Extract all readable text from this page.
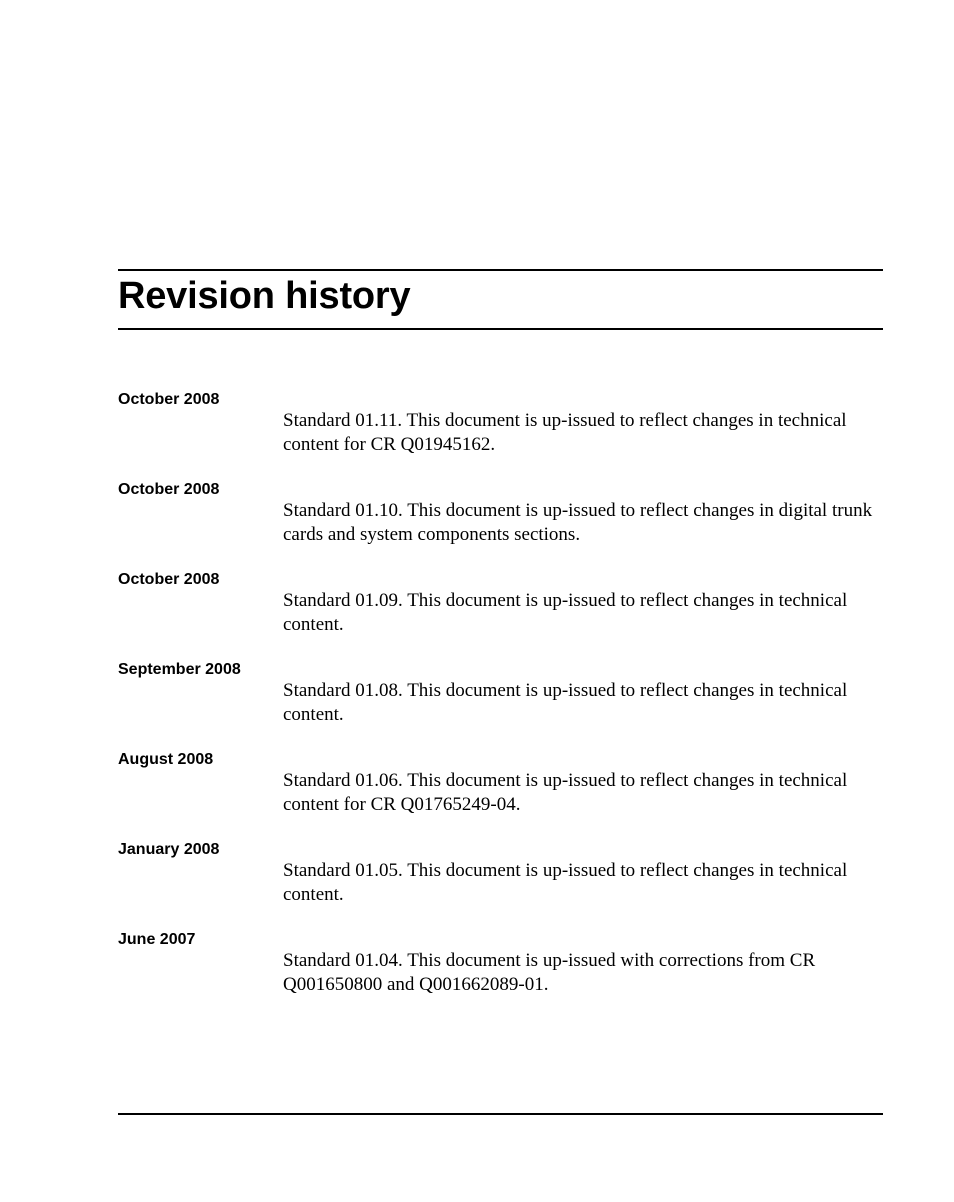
Revision history
October 2008

Standard 01.11. This document is up-issued to reflect changes in technical content for CR Q01945162.

October 2008

Standard 01.10. This document is up-issued to reflect changes in digital trunk cards and system components sections.

October 2008

Standard 01.09. This document is up-issued to reflect changes in technical content.

September 2008

Standard 01.08. This document is up-issued to reflect changes in technical content.

August 2008

Standard 01.06. This document is up-issued to reflect changes in technical content for CR Q01765249-04.

January 2008

Standard 01.05. This document is up-issued to reflect changes in technical content.

June 2007

Standard 01.04. This document is up-issued with corrections from CR Q001650800 and Q001662089-01.
